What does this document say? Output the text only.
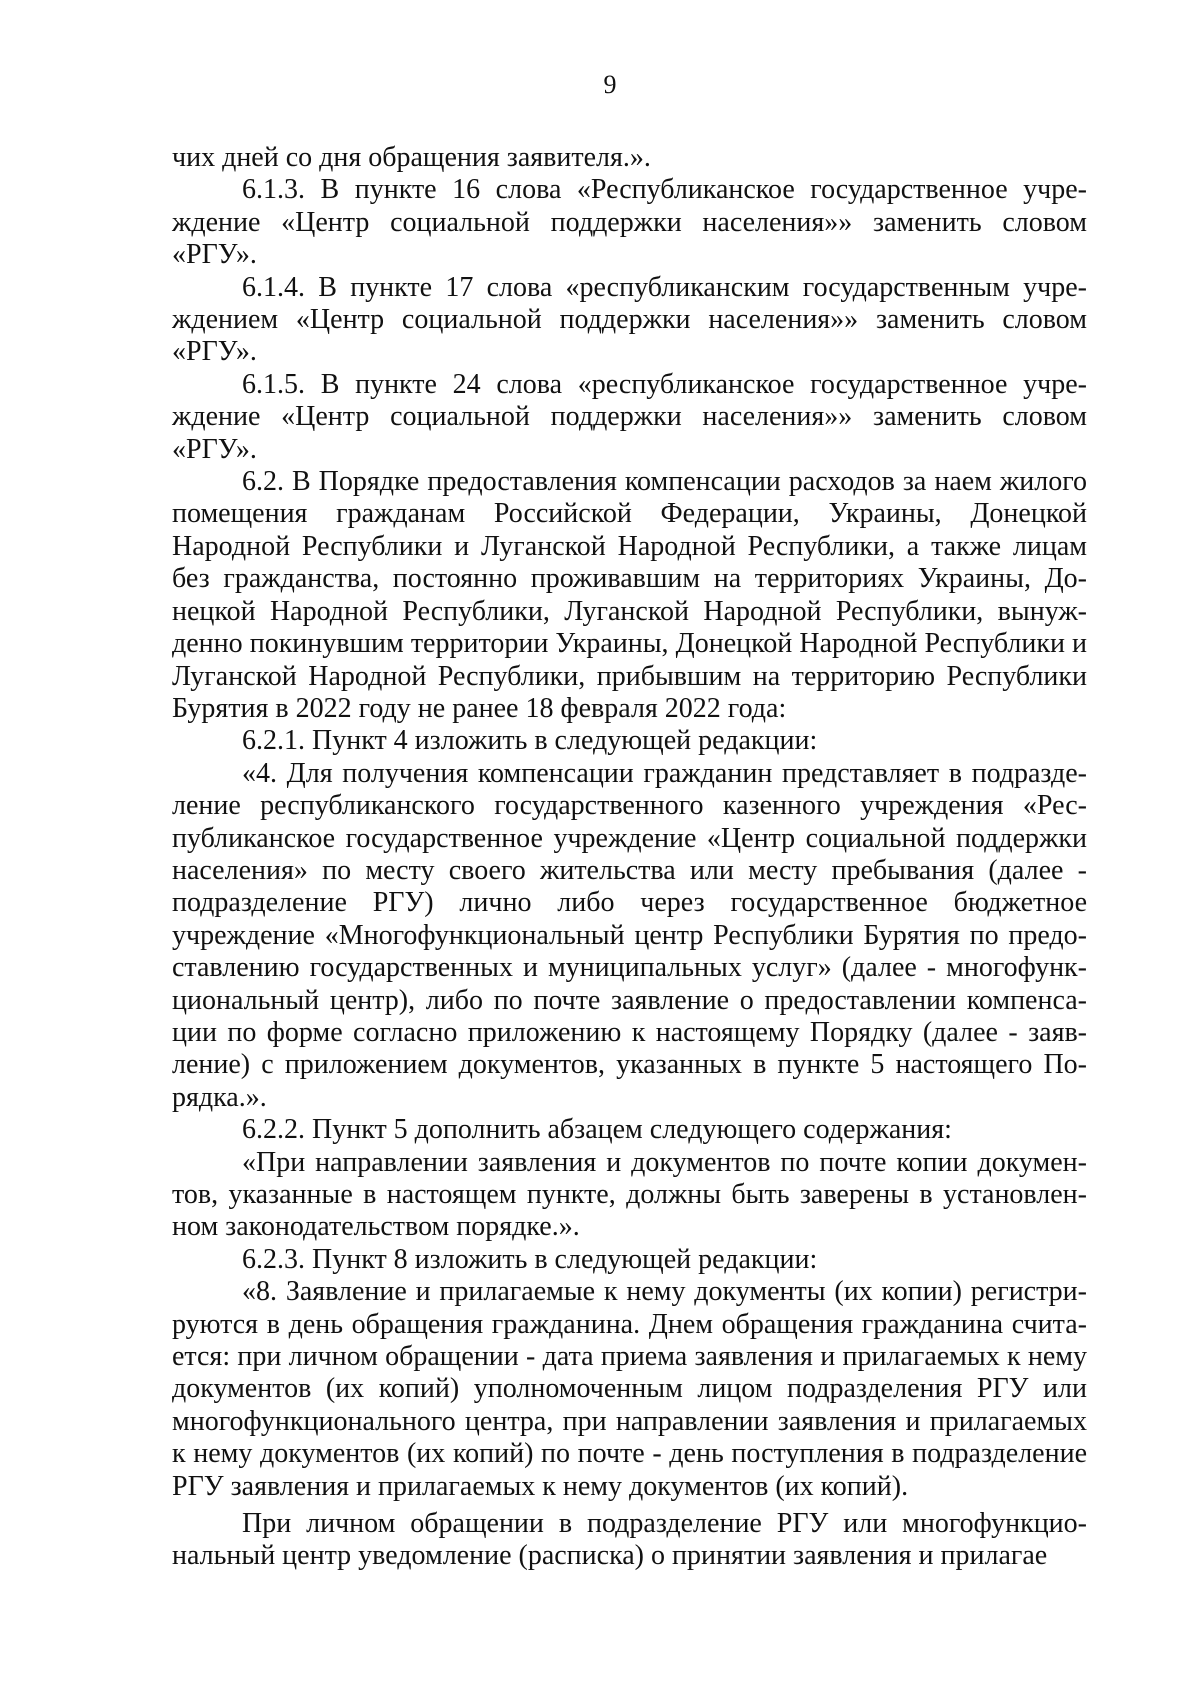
9

чих дней со дня обращения заявителя.».

6.1.3. В пункте 16 слова «Республиканское государственное учреждение «Центр социальной поддержки населения»» заменить словом «РГУ».

6.1.4. В пункте 17 слова «республиканским государственным учреждением «Центр социальной поддержки населения»» заменить словом «РГУ».

6.1.5. В пункте 24 слова «республиканское государственное учреждение «Центр социальной поддержки населения»» заменить словом «РГУ».

6.2. В Порядке предоставления компенсации расходов за наем жилого помещения гражданам Российской Федерации, Украины, Донецкой Народной Республики и Луганской Народной Республики, а также лицам без гражданства, постоянно проживавшим на территориях Украины, Донецкой Народной Республики, Луганской Народной Республики, вынужденно покинувшим территории Украины, Донецкой Народной Республики и Луганской Народной Республики, прибывшим на территорию Республики Бурятия в 2022 году не ранее 18 февраля 2022 года:

6.2.1. Пункт 4 изложить в следующей редакции:

«4. Для получения компенсации гражданин представляет в подразделение республиканского государственного казенного учреждения «Республиканское государственное учреждение «Центр социальной поддержки населения» по месту своего жительства или месту пребывания (далее - подразделение РГУ) лично либо через государственное бюджетное учреждение «Многофункциональный центр Республики Бурятия по предоставлению государственных и муниципальных услуг» (далее - многофункциональный центр), либо по почте заявление о предоставлении компенсации по форме согласно приложению к настоящему Порядку (далее - заявление) с приложением документов, указанных в пункте 5 настоящего Порядка.».

6.2.2. Пункт 5 дополнить абзацем следующего содержания:

«При направлении заявления и документов по почте копии документов, указанные в настоящем пункте, должны быть заверены в установленном законодательством порядке.».

6.2.3. Пункт 8 изложить в следующей редакции:

«8. Заявление и прилагаемые к нему документы (их копии) регистрируются в день обращения гражданина. Днем обращения гражданина считается: при личном обращении - дата приема заявления и прилагаемых к нему документов (их копий) уполномоченным лицом подразделения РГУ или многофункционального центра, при направлении заявления и прилагаемых к нему документов (их копий) по почте - день поступления в подразделение РГУ заявления и прилагаемых к нему документов (их копий).

При личном обращении в подразделение РГУ или многофункциональный центр уведомление (расписка) о принятии заявления и прилагае
